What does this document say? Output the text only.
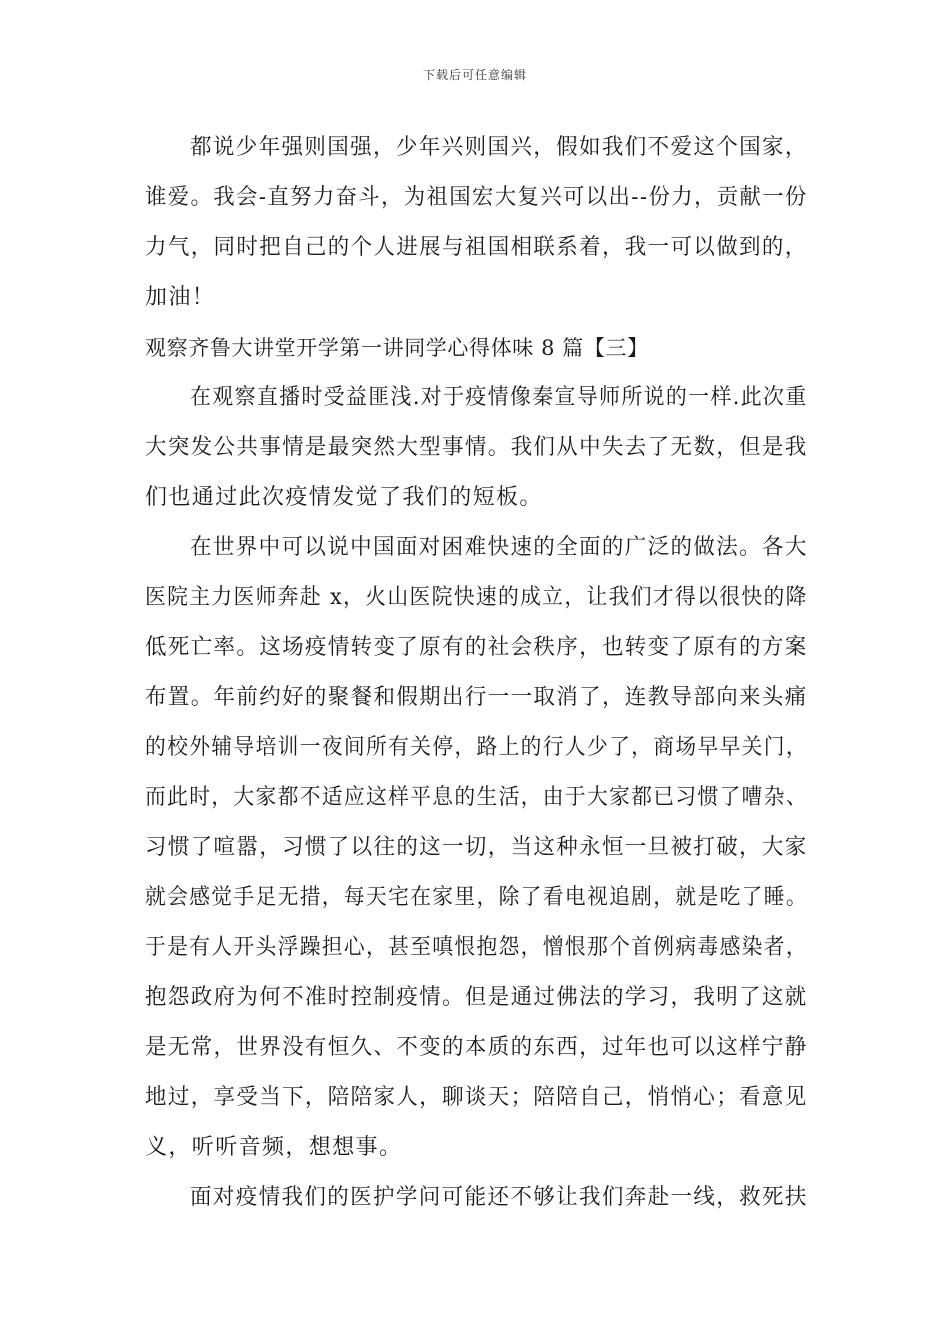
下载后可任意编辑
都说少年强则国强，少年兴则国兴，假如我们不爱这个国家，
谁爱。我会-直努力奋斗，为祖国宏大复兴可以出--份力，贡献一份
力气，同时把自己的个人进展与祖国相联系着，我一可以做到的，
加油！
观察齐鲁大讲堂开学第一讲同学心得体味 8 篇【三】
在观察直播时受益匪浅.对于疫情像秦宣导师所说的一样.此次重
大突发公共事情是最突然大型事情。我们从中失去了无数，但是我
们也通过此次疫情发觉了我们的短板。
在世界中可以说中国面对困难快速的全面的广泛的做法。各大
医院主力医师奔赴 x，火山医院快速的成立，让我们才得以很快的降
低死亡率。这场疫情转变了原有的社会秩序，也转变了原有的方案
布置。年前约好的聚餐和假期出行一一取消了，连教导部向来头痛
的校外辅导培训一夜间所有关停，路上的行人少了，商场早早关门，
而此时，大家都不适应这样平息的生活，由于大家都已习惯了嘈杂、
习惯了喧嚣，习惯了以往的这一切，当这种永恒一旦被打破，大家
就会感觉手足无措，每天宅在家里，除了看电视追剧，就是吃了睡。
于是有人开头浮躁担心，甚至嗔恨抱怨，憎恨那个首例病毒感染者，
抱怨政府为何不准时控制疫情。但是通过佛法的学习，我明了这就
是无常，世界没有恒久、不变的本质的东西，过年也可以这样宁静
地过，享受当下，陪陪家人，聊谈天；陪陪自己，悄悄心；看意见
义，听听音频，想想事。
面对疫情我们的医护学问可能还不够让我们奔赴一线，救死扶
